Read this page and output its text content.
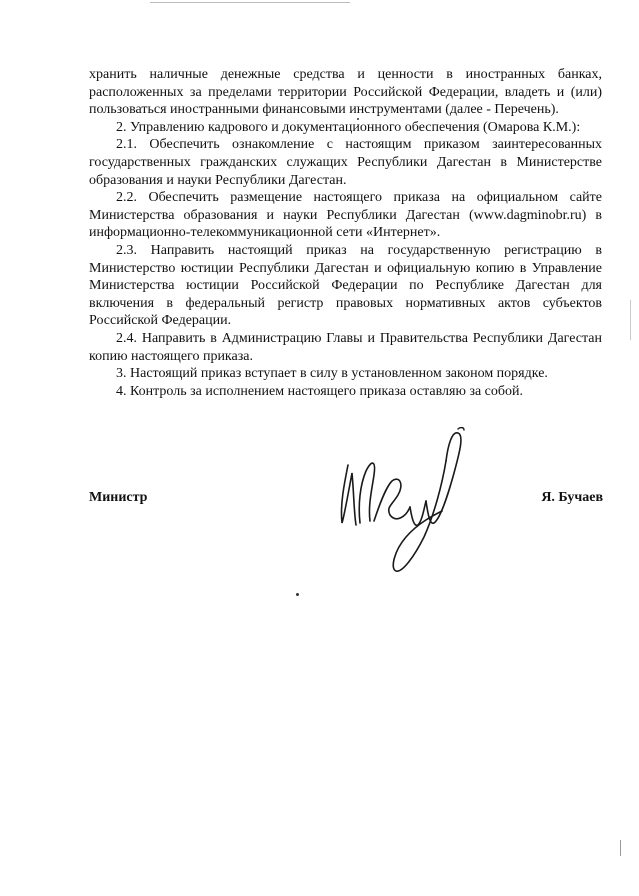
хранить наличные денежные средства и ценности в иностранных банках, расположенных за пределами территории Российской Федерации, владеть и (или) пользоваться иностранными финансовыми инструментами (далее - Перечень).

2. Управлению кадрового и документационного обеспечения (Омарова К.М.):

2.1. Обеспечить ознакомление с настоящим приказом заинтересованных государственных гражданских служащих Республики Дагестан в Министерстве образования и науки Республики Дагестан.

2.2. Обеспечить размещение настоящего приказа на официальном сайте Министерства образования и науки Республики Дагестан (www.dagminobr.ru) в информационно-телекоммуникационной сети «Интернет».

2.3. Направить настоящий приказ на государственную регистрацию в Министерство юстиции Республики Дагестан и официальную копию в Управление Министерства юстиции Российской Федерации по Республике Дагестан для включения в федеральный регистр правовых нормативных актов субъектов Российской Федерации.

2.4. Направить в Администрацию Главы и Правительства Республики Дагестан копию настоящего приказа.

3. Настоящий приказ вступает в силу в установленном законом порядке.

4. Контроль за исполнением настоящего приказа оставляю за собой.

Министр	Я. Бучаев
